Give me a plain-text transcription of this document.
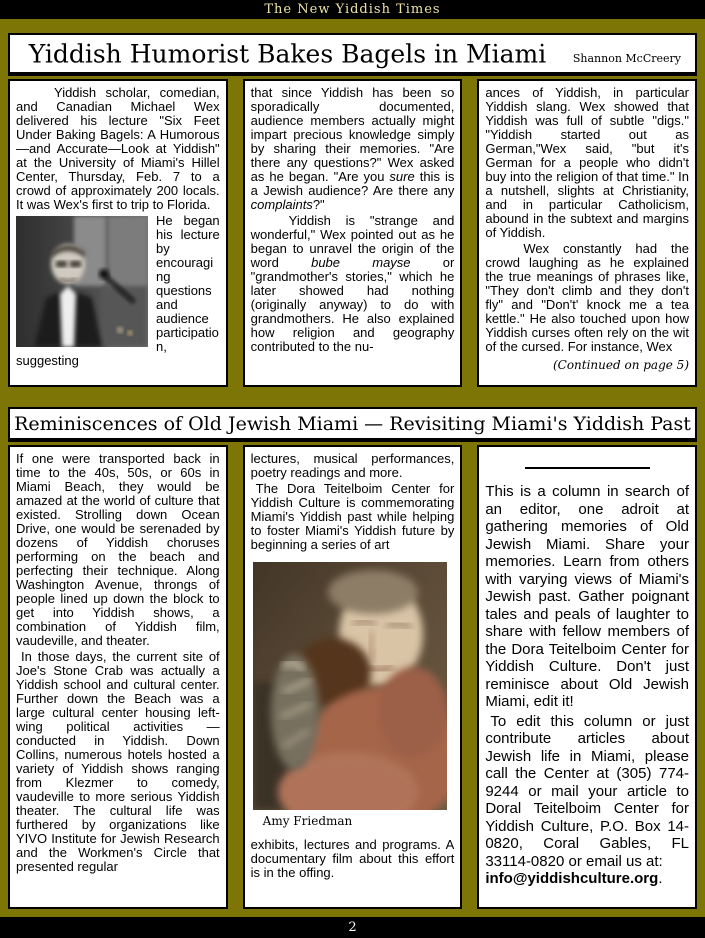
The New Yiddish Times
Yiddish Humorist Bakes Bagels in Miami	Shannon McCreery

Yiddish scholar, comedian, and Canadian Michael Wex delivered his lecture "Six Feet Under Baking Bagels: A Humorous—and Accurate—Look at Yiddish" at the University of Miami's Hillel Center, Thursday, Feb. 7 to a crowd of approximately 200 locals. It was Wex's first to trip to Florida.

He began his lecture by encouraging questions and audience participation, suggesting

that since Yiddish has been so sporadically documented, audience members actually might impart precious knowledge simply by sharing their memories. "Are there any questions?" Wex asked as he began. "Are you sure this is a Jewish audience? Are there any complaints?"

Yiddish is "strange and wonderful," Wex pointed out as he began to unravel the origin of the word bube mayse or "grandmother's stories," which he later showed had nothing (originally anyway) to do with grandmothers. He also explained how religion and geography contributed to the nu-

ances of Yiddish, in particular Yiddish slang. Wex showed that Yiddish was full of subtle "digs." "Yiddish started out as German,"Wex said, "but it's German for a people who didn't buy into the religion of that time." In a nutshell, slights at Christianity, and in particular Catholicism, abound in the subtext and margins of Yiddish.

Wex constantly had the crowd laughing as he explained the true meanings of phrases like, "They don't climb and they don't fly" and "Don't' knock me a tea kettle." He also touched upon how Yiddish curses often rely on the wit of the cursed. For instance, Wex

(Continued on page 5)
Reminiscences of Old Jewish Miami — Revisiting Miami's Yiddish Past

If one were transported back in time to the 40s, 50s, or 60s in Miami Beach, they would be amazed at the world of culture that existed. Strolling down Ocean Drive, one would be serenaded by dozens of Yiddish choruses performing on the beach and perfecting their technique. Along Washington Avenue, throngs of people lined up down the block to get into Yiddish shows, a combination of Yiddish film, vaudeville, and theater.

In those days, the current site of Joe's Stone Crab was actually a Yiddish school and cultural center. Further down the Beach was a large cultural center housing left-wing political activities — conducted in Yiddish. Down Collins, numerous hotels hosted a variety of Yiddish shows ranging from Klezmer to comedy, vaudeville to more serious Yiddish theater. The cultural life was furthered by organizations like YIVO Institute for Jewish Research and the Workmen's Circle that presented regular

lectures, musical performances, poetry readings and more.

The Dora Teitelboim Center for Yiddish Culture is commemorating Miami's Yiddish past while helping to foster Miami's Yiddish future by beginning a series of art

Amy Friedman

exhibits, lectures and programs. A documentary film about this effort is in the offing.

This is a column in search of an editor, one adroit at gathering memories of Old Jewish Miami. Share your memories. Learn from others with varying views of Miami's Jewish past. Gather poignant tales and peals of laughter to share with fellow members of the Dora Teitelboim Center for Yiddish Culture. Don't just reminisce about Old Jewish Miami, edit it!

To edit this column or just contribute articles about Jewish life in Miami, please call the Center at (305) 774-9244 or mail your article to Doral Teitelboim Center for Yiddish Culture, P.O. Box 14-0820, Coral Gables, FL 33114-0820 or email us at:
info@yiddishculture.org.

2
